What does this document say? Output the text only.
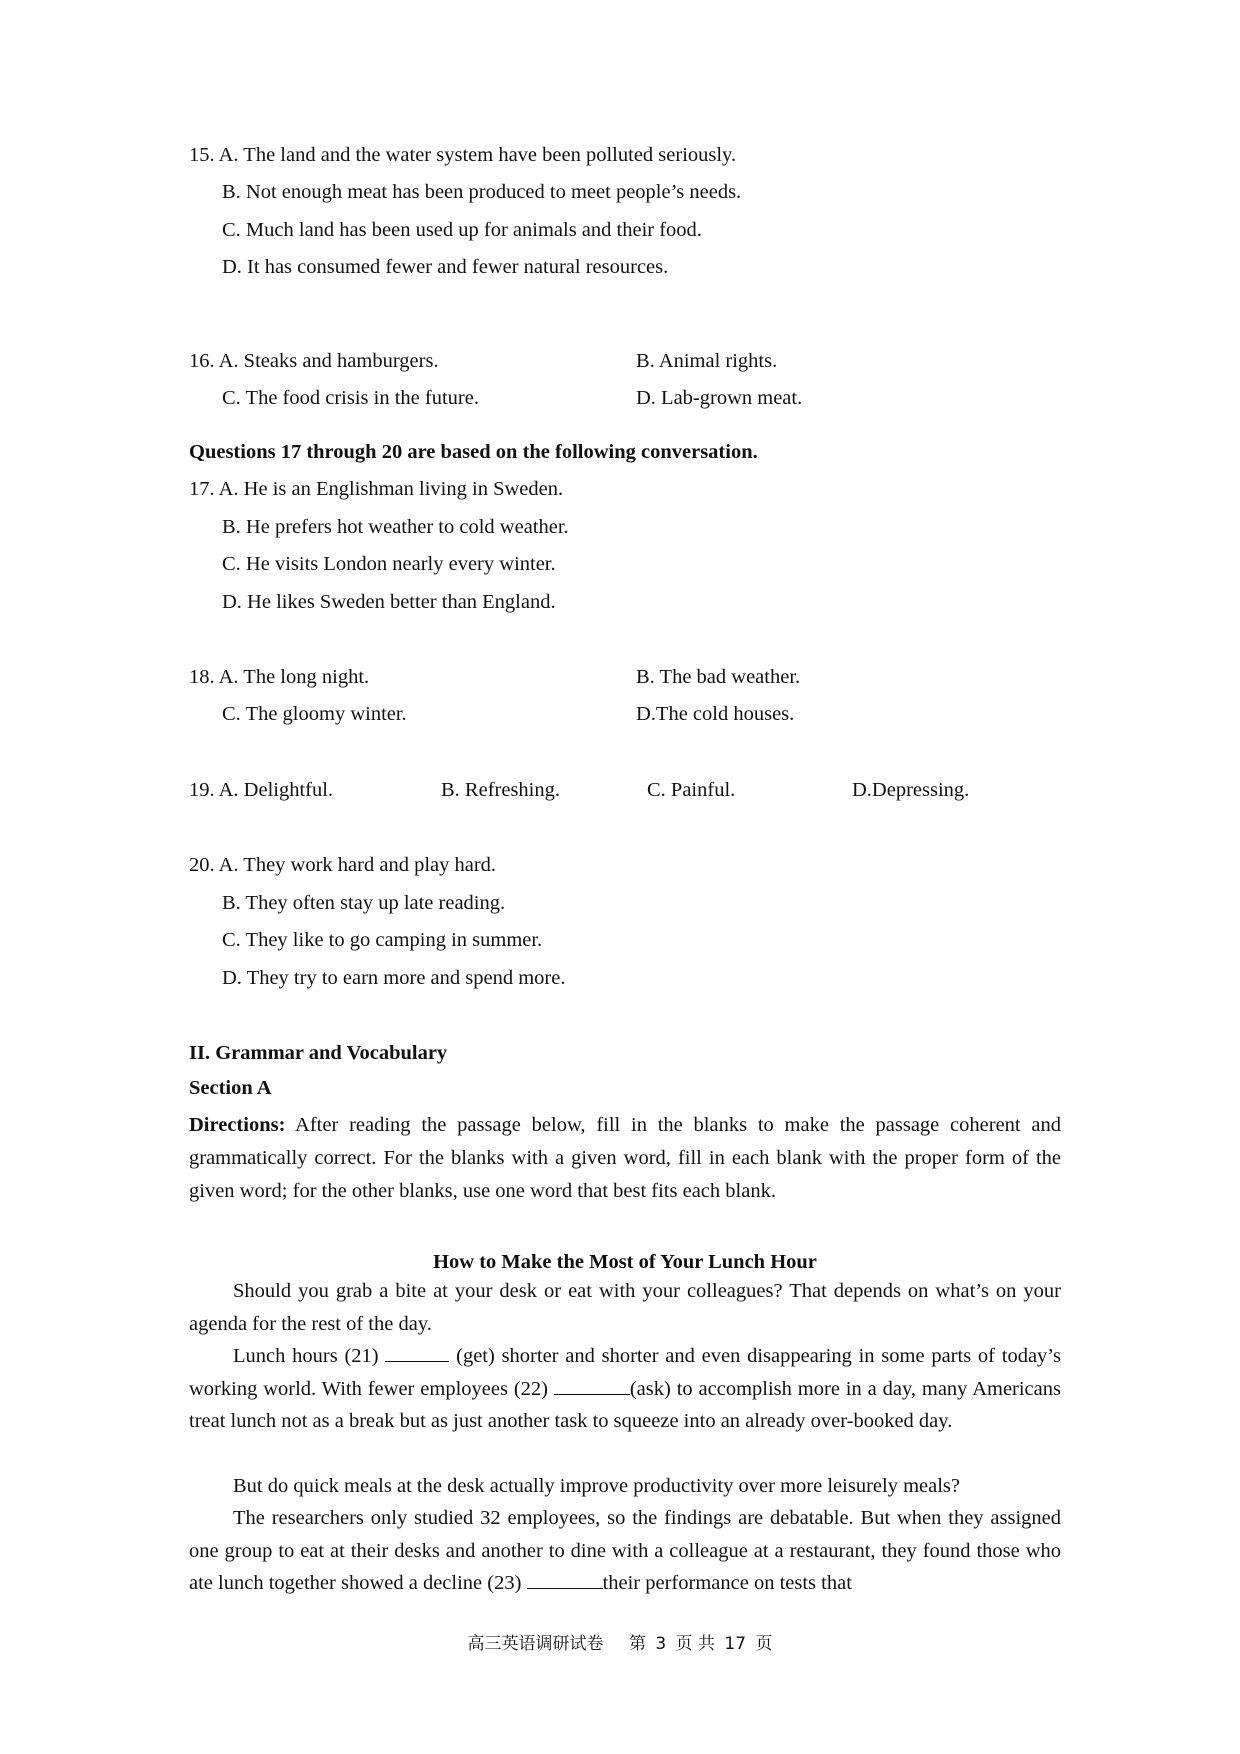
15. A. The land and the water system have been polluted seriously.
B. Not enough meat has been produced to meet people’s needs.
C. Much land has been used up for animals and their food.
D. It has consumed fewer and fewer natural resources.
16. A. Steaks and hamburgers.	B. Animal rights.
C. The food crisis in the future.	D. Lab-grown meat.
Questions 17 through 20 are based on the following conversation.
17. A. He is an Englishman living in Sweden.
B. He prefers hot weather to cold weather.
C. He visits London nearly every winter.
D. He likes Sweden better than England.
18. A. The long night.	B. The bad weather.
C. The gloomy winter.	D.The cold houses.
19. A. Delightful.	B. Refreshing.	C. Painful.	D.Depressing.
20. A. They work hard and play hard.
B. They often stay up late reading.
C. They like to go camping in summer.
D. They try to earn more and spend more.
II. Grammar and Vocabulary
Section A
Directions: After reading the passage below, fill in the blanks to make the passage coherent and grammatically correct. For the blanks with a given word, fill in each blank with the proper form of the given word; for the other blanks, use one word that best fits each blank.
How to Make the Most of Your Lunch Hour
Should you grab a bite at your desk or eat with your colleagues? That depends on what’s on your agenda for the rest of the day.
Lunch hours (21)	(get) shorter and shorter and even disappearing in some parts of today’s working world. With fewer employees (22)	(ask) to accomplish more in a day, many Americans treat lunch not as a break but as just another task to squeeze into an already over-booked day.
But do quick meals at the desk actually improve productivity over more leisurely meals?
The researchers only studied 32 employees, so the findings are debatable. But when they assigned one group to eat at their desks and another to dine with a colleague at a restaurant, they found those who ate lunch together showed a decline (23)	their performance on tests that
高三英语调研试卷 第 3 页 共 17 页
